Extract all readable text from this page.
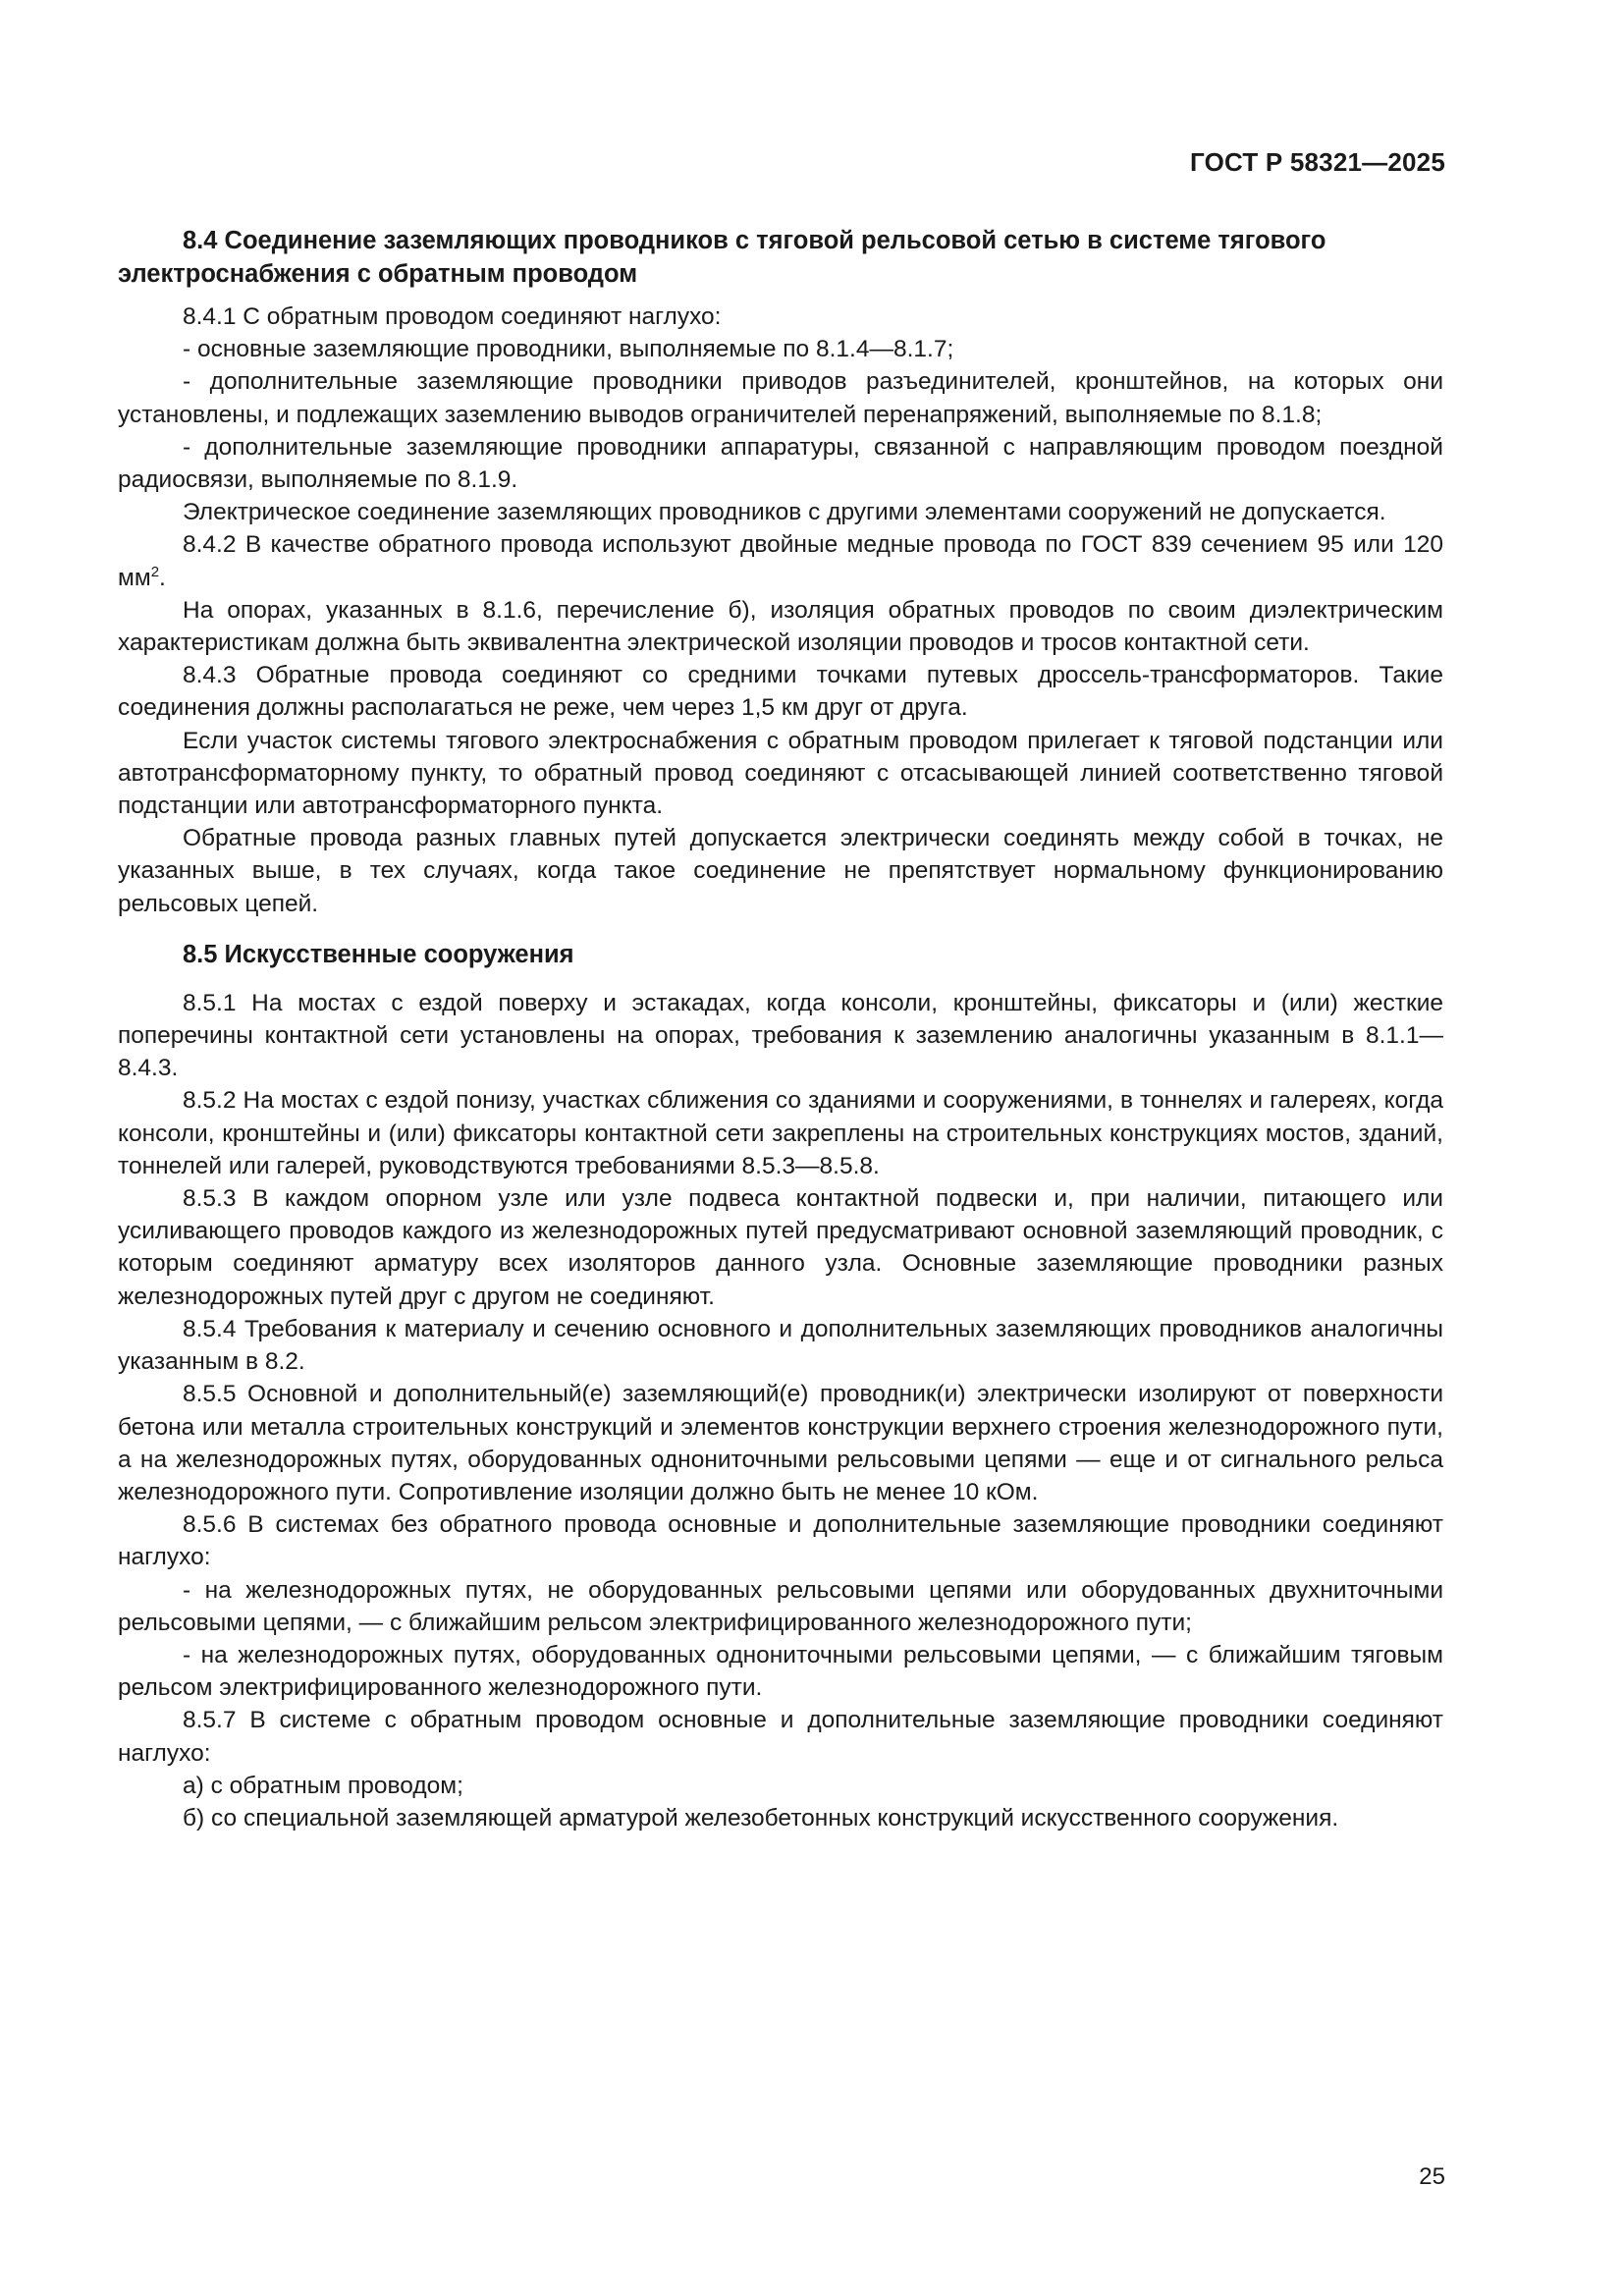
ГОСТ Р 58321—2025
8.4 Соединение заземляющих проводников с тяговой рельсовой сетью в системе тягового электроснабжения с обратным проводом

8.4.1 С обратным проводом соединяют наглухо:

- основные заземляющие проводники, выполняемые по 8.1.4—8.1.7;

- дополнительные заземляющие проводники приводов разъединителей, кронштейнов, на которых они установлены, и подлежащих заземлению выводов ограничителей перенапряжений, выполняемые по 8.1.8;

- дополнительные заземляющие проводники аппаратуры, связанной с направляющим проводом поездной радиосвязи, выполняемые по 8.1.9.

Электрическое соединение заземляющих проводников с другими элементами сооружений не допускается.

8.4.2 В качестве обратного провода используют двойные медные провода по ГОСТ 839 сечением 95 или 120 $мм^2$.

На опорах, указанных в 8.1.6, перечисление б), изоляция обратных проводов по своим диэлектрическим характеристикам должна быть эквивалентна электрической изоляции проводов и тросов контактной сети.

8.4.3 Обратные провода соединяют со средними точками путевых дроссель-трансформаторов. Такие соединения должны располагаться не реже, чем через 1,5 км друг от друга.

Если участок системы тягового электроснабжения с обратным проводом прилегает к тяговой подстанции или автотрансформаторному пункту, то обратный провод соединяют с отсасывающей линией соответственно тяговой подстанции или автотрансформаторного пункта.

Обратные провода разных главных путей допускается электрически соединять между собой в точках, не указанных выше, в тех случаях, когда такое соединение не препятствует нормальному функционированию рельсовых цепей.

8.5 Искусственные сооружения

8.5.1 На мостах с ездой поверху и эстакадах, когда консоли, кронштейны, фиксаторы и (или) жесткие поперечины контактной сети установлены на опорах, требования к заземлению аналогичны указанным в 8.1.1—8.4.3.

8.5.2 На мостах с ездой понизу, участках сближения со зданиями и сооружениями, в тоннелях и галереях, когда консоли, кронштейны и (или) фиксаторы контактной сети закреплены на строительных конструкциях мостов, зданий, тоннелей или галерей, руководствуются требованиями 8.5.3—8.5.8.

8.5.3 В каждом опорном узле или узле подвеса контактной подвески и, при наличии, питающего или усиливающего проводов каждого из железнодорожных путей предусматривают основной заземляющий проводник, с которым соединяют арматуру всех изоляторов данного узла. Основные заземляющие проводники разных железнодорожных путей друг с другом не соединяют.

8.5.4 Требования к материалу и сечению основного и дополнительных заземляющих проводников аналогичны указанным в 8.2.

8.5.5 Основной и дополнительный(е) заземляющий(е) проводник(и) электрически изолируют от поверхности бетона или металла строительных конструкций и элементов конструкции верхнего строения железнодорожного пути, а на железнодорожных путях, оборудованных однониточными рельсовыми цепями — еще и от сигнального рельса железнодорожного пути. Сопротивление изоляции должно быть не менее 10 кОм.

8.5.6 В системах без обратного провода основные и дополнительные заземляющие проводники соединяют наглухо:

- на железнодорожных путях, не оборудованных рельсовыми цепями или оборудованных двухниточными рельсовыми цепями, — с ближайшим рельсом электрифицированного железнодорожного пути;

- на железнодорожных путях, оборудованных однониточными рельсовыми цепями, — с ближайшим тяговым рельсом электрифицированного железнодорожного пути.

8.5.7 В системе с обратным проводом основные и дополнительные заземляющие проводники соединяют наглухо:

а) с обратным проводом;

б) со специальной заземляющей арматурой железобетонных конструкций искусственного сооружения.

25
